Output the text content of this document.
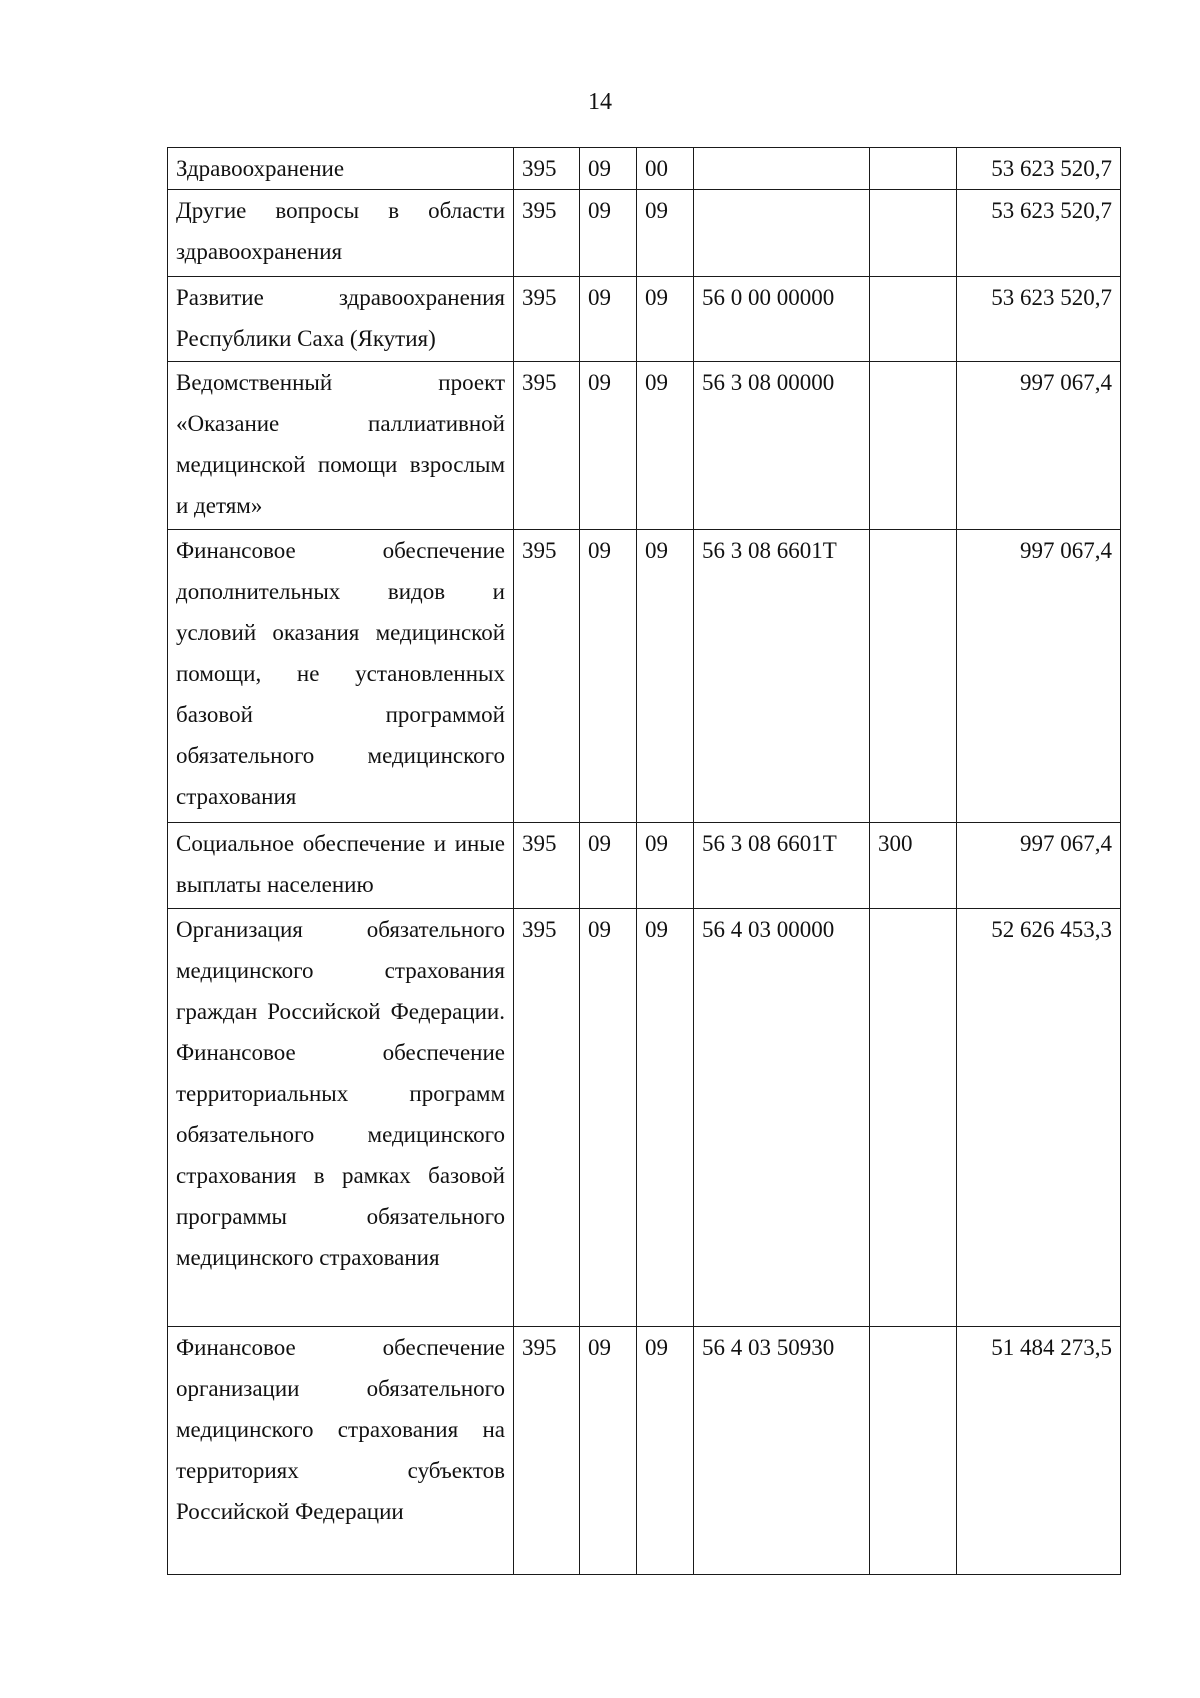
14
Здравоохранение	395	09	00			53 623 520,7
Другие вопросы в области здравоохранения	395	09	09			53 623 520,7
Развитие здравоохранения Республики Саха (Якутия)	395	09	09	56 0 00 00000		53 623 520,7
Ведомственный проект «Оказание паллиативной медицинской помощи взрослым и детям»	395	09	09	56 3 08 00000		997 067,4
Финансовое обеспечение дополнительных видов и условий оказания медицинской помощи, не установленных базовой программой обязательного медицинского страхования	395	09	09	56 3 08 6601T		997 067,4
Социальное обеспечение и иные выплаты населению	395	09	09	56 3 08 6601T	300	997 067,4
Организация обязательного медицинского страхования граждан Российской Федерации. Финансовое обеспечение территориальных программ обязательного медицинского страхования в рамках базовой программы обязательного медицинского страхования	395	09	09	56 4 03 00000		52 626 453,3
Финансовое обеспечение организации обязательного медицинского страхования на территориях субъектов Российской Федерации	395	09	09	56 4 03 50930		51 484 273,5
